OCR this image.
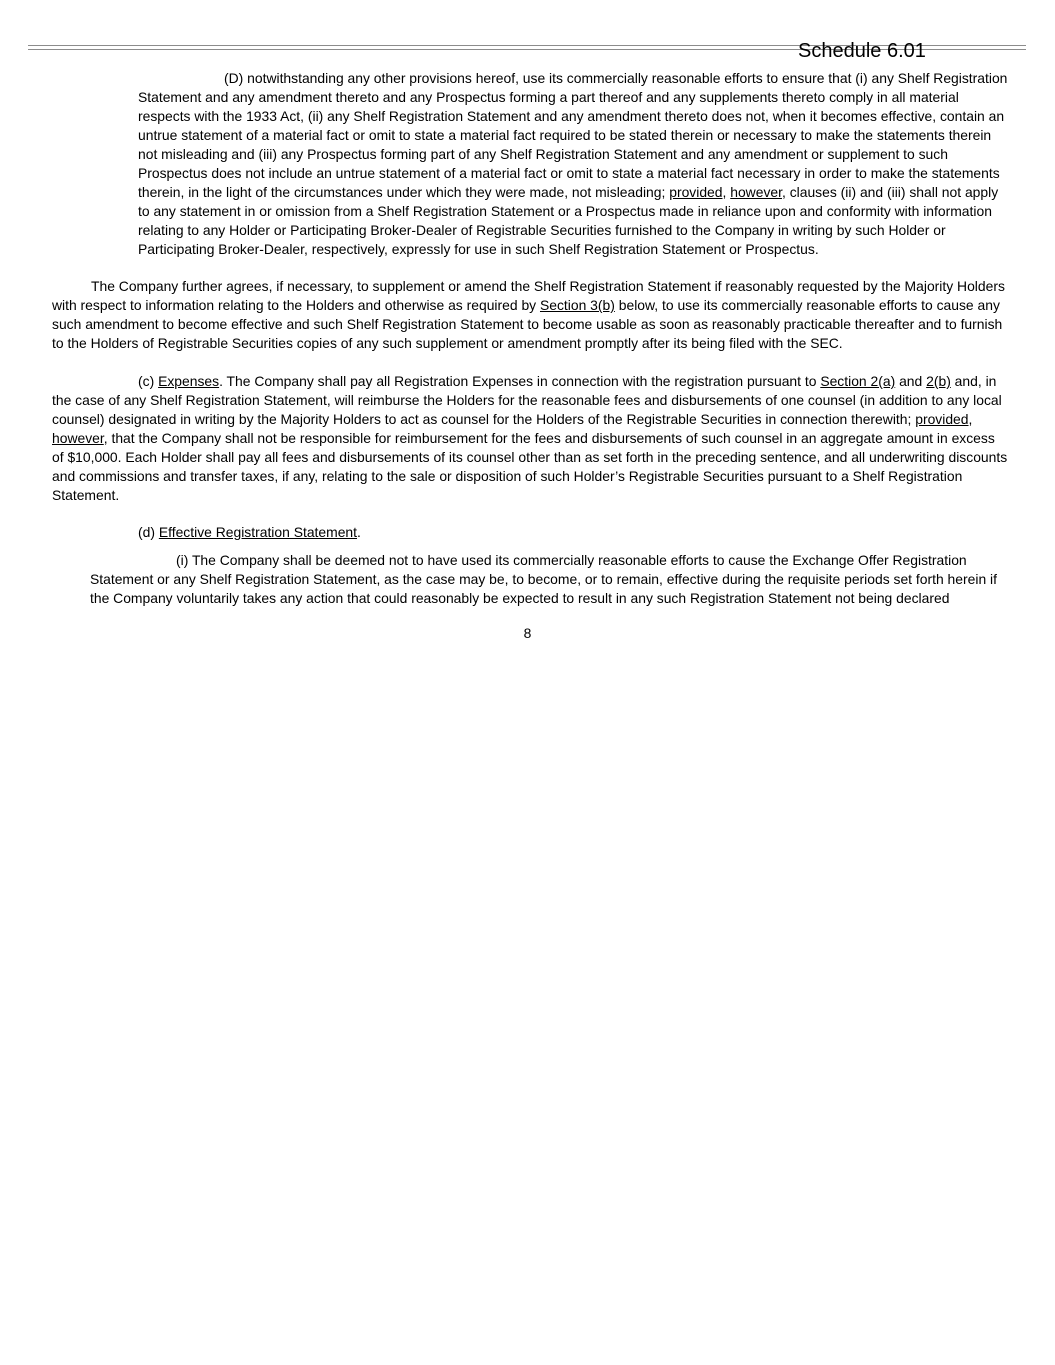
Schedule 6.01

(D) notwithstanding any other provisions hereof, use its commercially reasonable efforts to ensure that (i) any Shelf Registration Statement and any amendment thereto and any Prospectus forming a part thereof and any supplements thereto comply in all material respects with the 1933 Act, (ii) any Shelf Registration Statement and any amendment thereto does not, when it becomes effective, contain an untrue statement of a material fact or omit to state a material fact required to be stated therein or necessary to make the statements therein not misleading and (iii) any Prospectus forming part of any Shelf Registration Statement and any amendment or supplement to such Prospectus does not include an untrue statement of a material fact or omit to state a material fact necessary in order to make the statements therein, in the light of the circumstances under which they were made, not misleading; provided, however, clauses (ii) and (iii) shall not apply to any statement in or omission from a Shelf Registration Statement or a Prospectus made in reliance upon and conformity with information relating to any Holder or Participating Broker-Dealer of Registrable Securities furnished to the Company in writing by such Holder or Participating Broker-Dealer, respectively, expressly for use in such Shelf Registration Statement or Prospectus.

The Company further agrees, if necessary, to supplement or amend the Shelf Registration Statement if reasonably requested by the Majority Holders with respect to information relating to the Holders and otherwise as required by Section 3(b) below, to use its commercially reasonable efforts to cause any such amendment to become effective and such Shelf Registration Statement to become usable as soon as reasonably practicable thereafter and to furnish to the Holders of Registrable Securities copies of any such supplement or amendment promptly after its being filed with the SEC.

(c) Expenses. The Company shall pay all Registration Expenses in connection with the registration pursuant to Section 2(a) and 2(b) and, in the case of any Shelf Registration Statement, will reimburse the Holders for the reasonable fees and disbursements of one counsel (in addition to any local counsel) designated in writing by the Majority Holders to act as counsel for the Holders of the Registrable Securities in connection therewith; provided, however, that the Company shall not be responsible for reimbursement for the fees and disbursements of such counsel in an aggregate amount in excess of $10,000. Each Holder shall pay all fees and disbursements of its counsel other than as set forth in the preceding sentence, and all underwriting discounts and commissions and transfer taxes, if any, relating to the sale or disposition of such Holder’s Registrable Securities pursuant to a Shelf Registration Statement.

(d) Effective Registration Statement.

(i) The Company shall be deemed not to have used its commercially reasonable efforts to cause the Exchange Offer Registration Statement or any Shelf Registration Statement, as the case may be, to become, or to remain, effective during the requisite periods set forth herein if the Company voluntarily takes any action that could reasonably be expected to result in any such Registration Statement not being declared

8
